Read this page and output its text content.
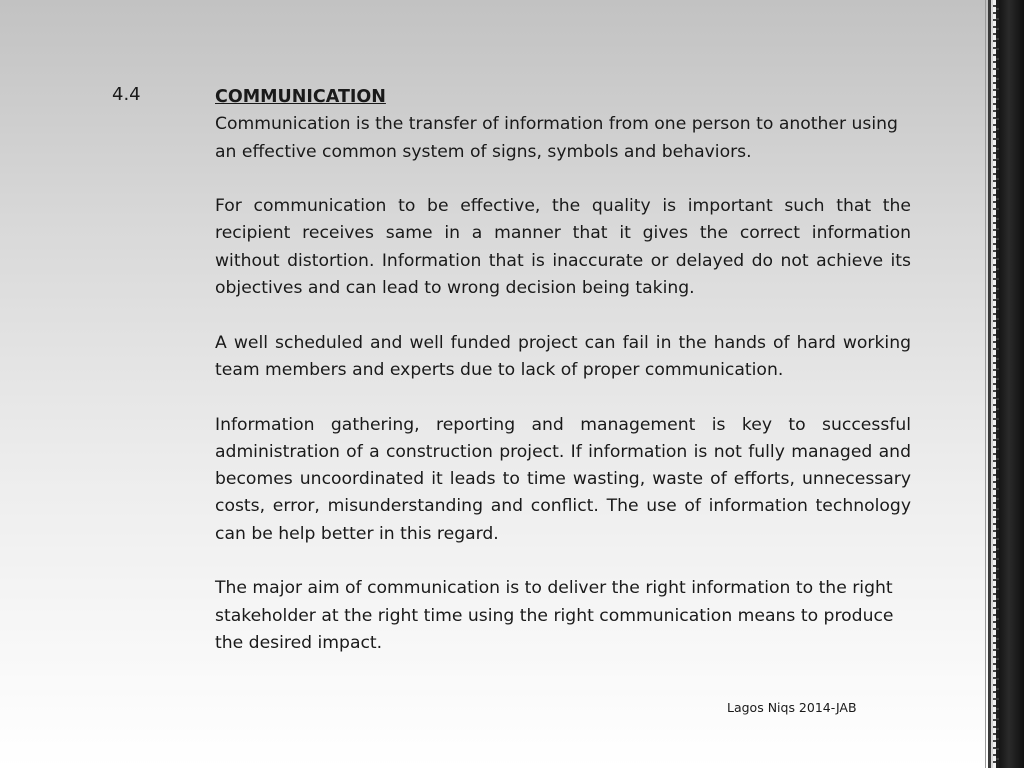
4.4	COMMUNICATION

Communication is the transfer of information from one person to another using an effective common system of signs, symbols and behaviors.

For communication to be effective, the quality is important such that the recipient receives same in a manner that it gives the correct information without distortion. Information that is inaccurate or delayed do not achieve its objectives and can lead to wrong decision being taking.

A well scheduled and well funded project can fail in the hands of hard working team members and experts due to lack of proper communication.

Information gathering, reporting and management is key to successful administration of a construction project. If information is not fully managed and becomes uncoordinated it leads to time wasting, waste of efforts, unnecessary costs, error, misunderstanding and conflict. The use of information technology can be help better in this regard.

The major aim of communication is to deliver the right information to the right stakeholder at the right time using the right communication means to produce the desired impact.

Lagos Niqs 2014-JAB
